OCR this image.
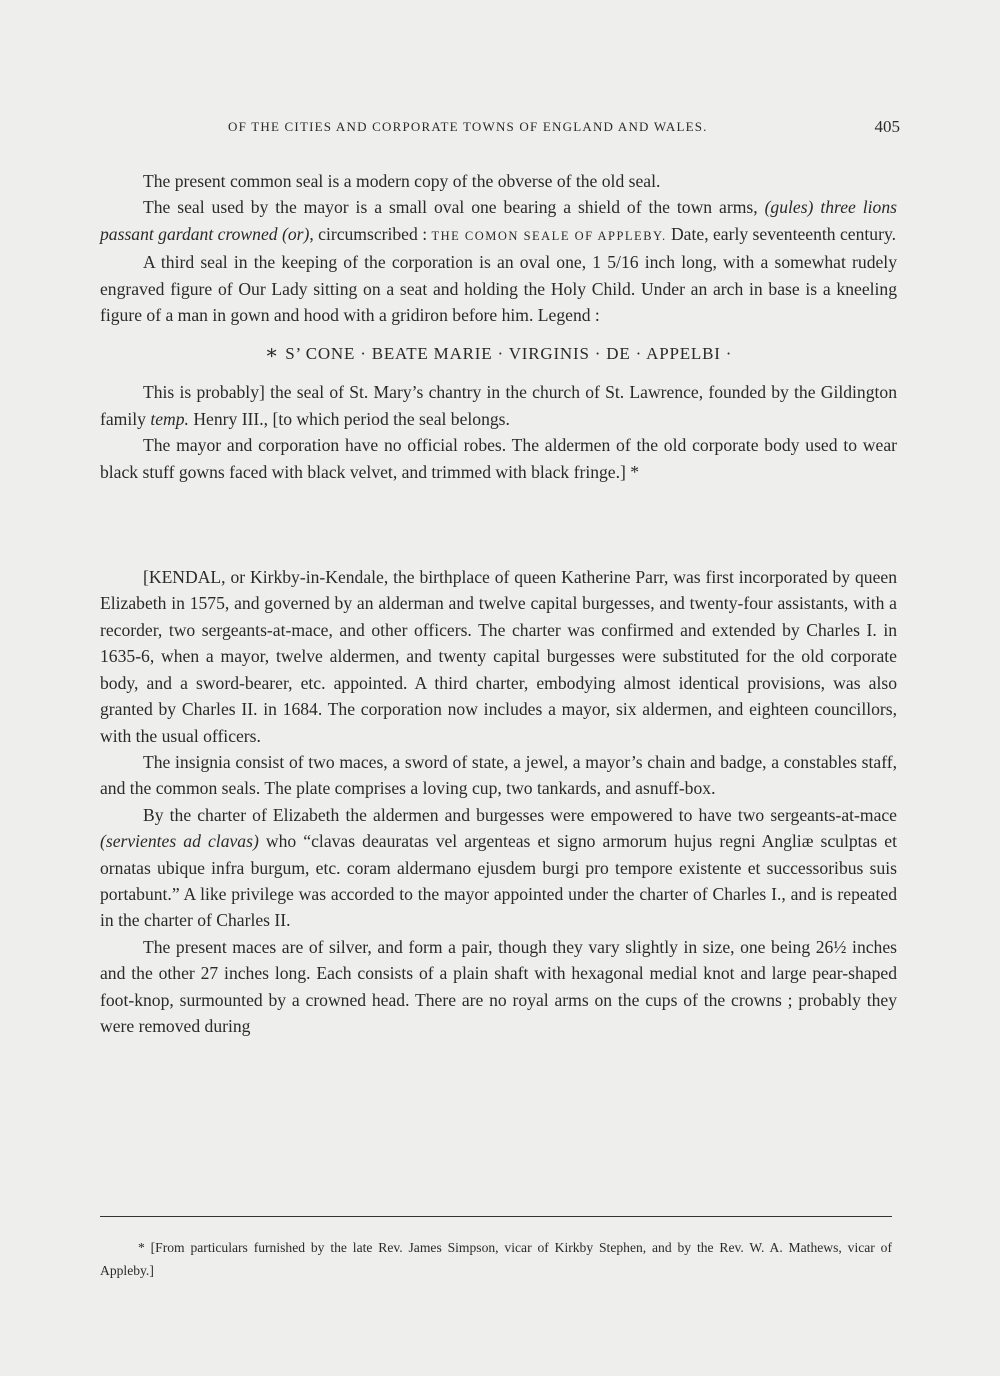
OF THE CITIES AND CORPORATE TOWNS OF ENGLAND AND WALES.	405

The present common seal is a modern copy of the obverse of the old seal.

The seal used by the mayor is a small oval one bearing a shield of the town arms, (gules) three lions passant gardant crowned (or), circumscribed : THE COMON SEALE OF APPLEBY. Date, early seventeenth century.

A third seal in the keeping of the corporation is an oval one, 1 5/16 inch long, with a somewhat rudely engraved figure of Our Lady sitting on a seat and holding the Holy Child. Under an arch in base is a kneeling figure of a man in gown and hood with a gridiron before him. Legend :

∗ S’ CONE · BEATE MARIE · VIRGINIS · DE · APPELBI ·

This is probably] the seal of St. Mary’s chantry in the church of St. Lawrence, founded by the Gildington family temp. Henry III., [to which period the seal belongs.

The mayor and corporation have no official robes. The aldermen of the old corporate body used to wear black stuff gowns faced with black velvet, and trimmed with black fringe.] *

[KENDAL, or Kirkby-in-Kendale, the birthplace of queen Katherine Parr, was first incorporated by queen Elizabeth in 1575, and governed by an alderman and twelve capital burgesses, and twenty-four assistants, with a recorder, two sergeants-at-mace, and other officers. The charter was confirmed and extended by Charles I. in 1635-6, when a mayor, twelve aldermen, and twenty capital burgesses were substituted for the old corporate body, and a sword-bearer, etc. appointed. A third charter, embodying almost identical provisions, was also granted by Charles II. in 1684. The corporation now includes a mayor, six aldermen, and eighteen councillors, with the usual officers.

The insignia consist of two maces, a sword of state, a jewel, a mayor’s chain and badge, a constables staff, and the common seals. The plate comprises a loving cup, two tankards, and asnuff-box.

By the charter of Elizabeth the aldermen and burgesses were empowered to have two sergeants-at-mace (servientes ad clavas) who “clavas deauratas vel argenteas et signo armorum hujus regni Angliæ sculptas et ornatas ubique infra burgum, etc. coram aldermano ejusdem burgi pro tempore existente et successoribus suis portabunt.” A like privilege was accorded to the mayor appointed under the charter of Charles I., and is repeated in the charter of Charles II.

The present maces are of silver, and form a pair, though they vary slightly in size, one being 26½ inches and the other 27 inches long. Each consists of a plain shaft with hexagonal medial knot and large pear-shaped foot-knop, surmounted by a crowned head. There are no royal arms on the cups of the crowns ; probably they were removed during

* [From particulars furnished by the late Rev. James Simpson, vicar of Kirkby Stephen, and by the Rev. W. A. Mathews, vicar of Appleby.]
